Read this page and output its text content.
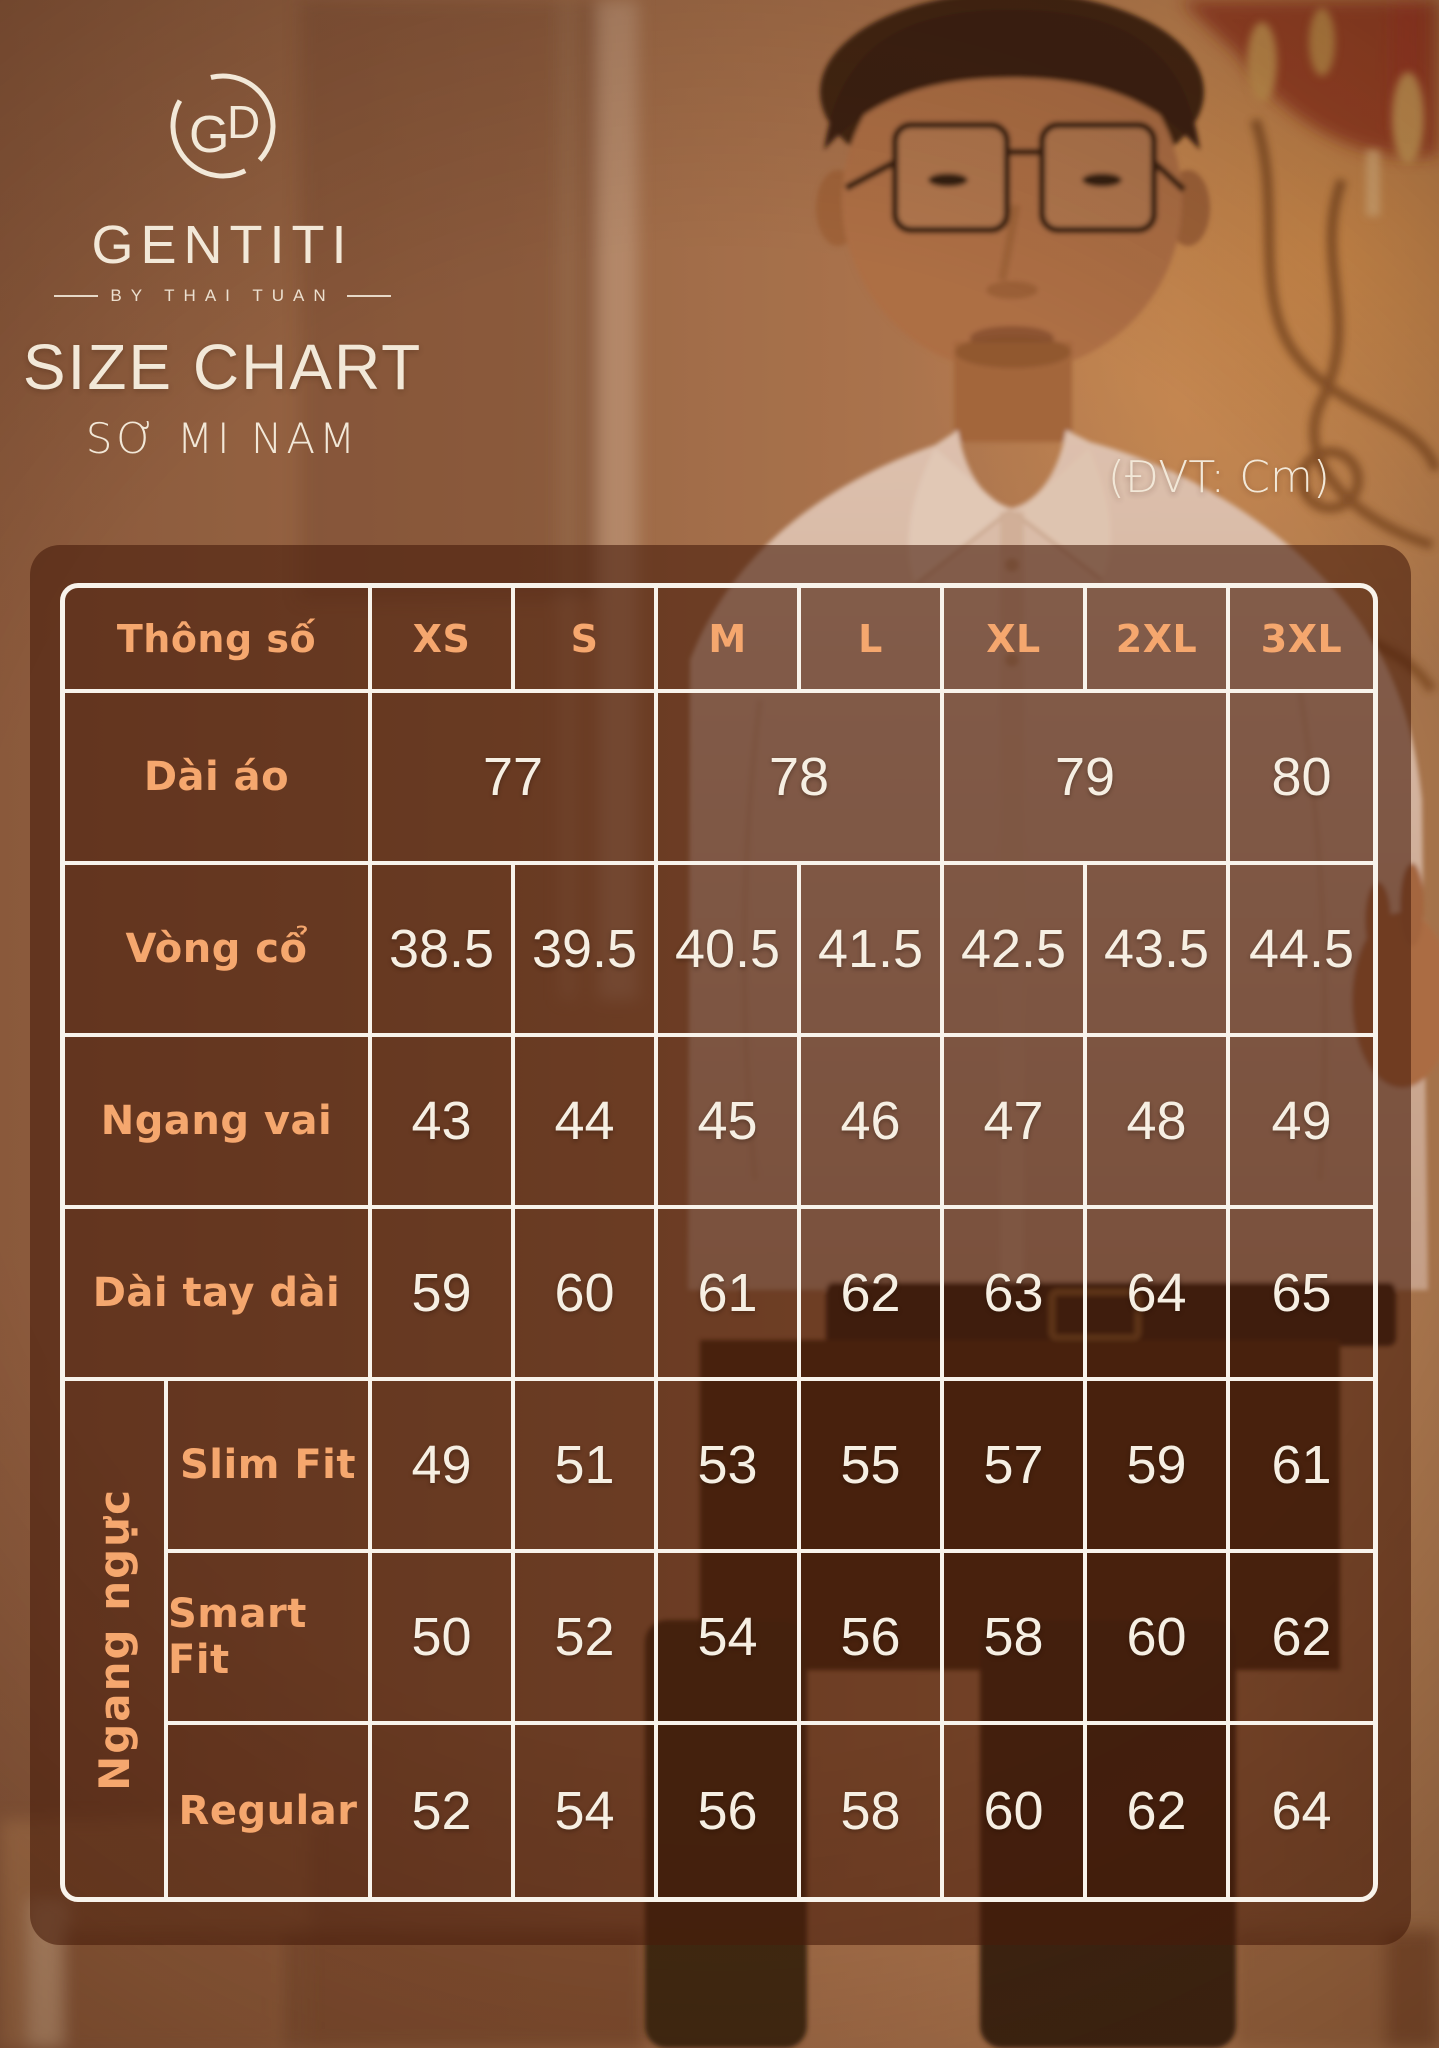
G
D
GENTITI
BY THAI TUAN
SIZE CHART
SƠ MI NAM
(ĐVT: Cm)
Thông số	XS	S	M	L	XL	2XL	3XL
Dài áo	77	78	79	80
Vòng cổ	38.5 39.5 40.5 41.5 42.5 43.5 44.5
Ngang vai	43	44	45	46	47	48	49
Dài tay dài	59	60	61	62	63	64	65
Ngang ngực
Slim Fit	49	51	53	55	57	59	61
Smart Fit	50	52	54	56	58	60	62
Regular 52	54	56	58	60	62	64
